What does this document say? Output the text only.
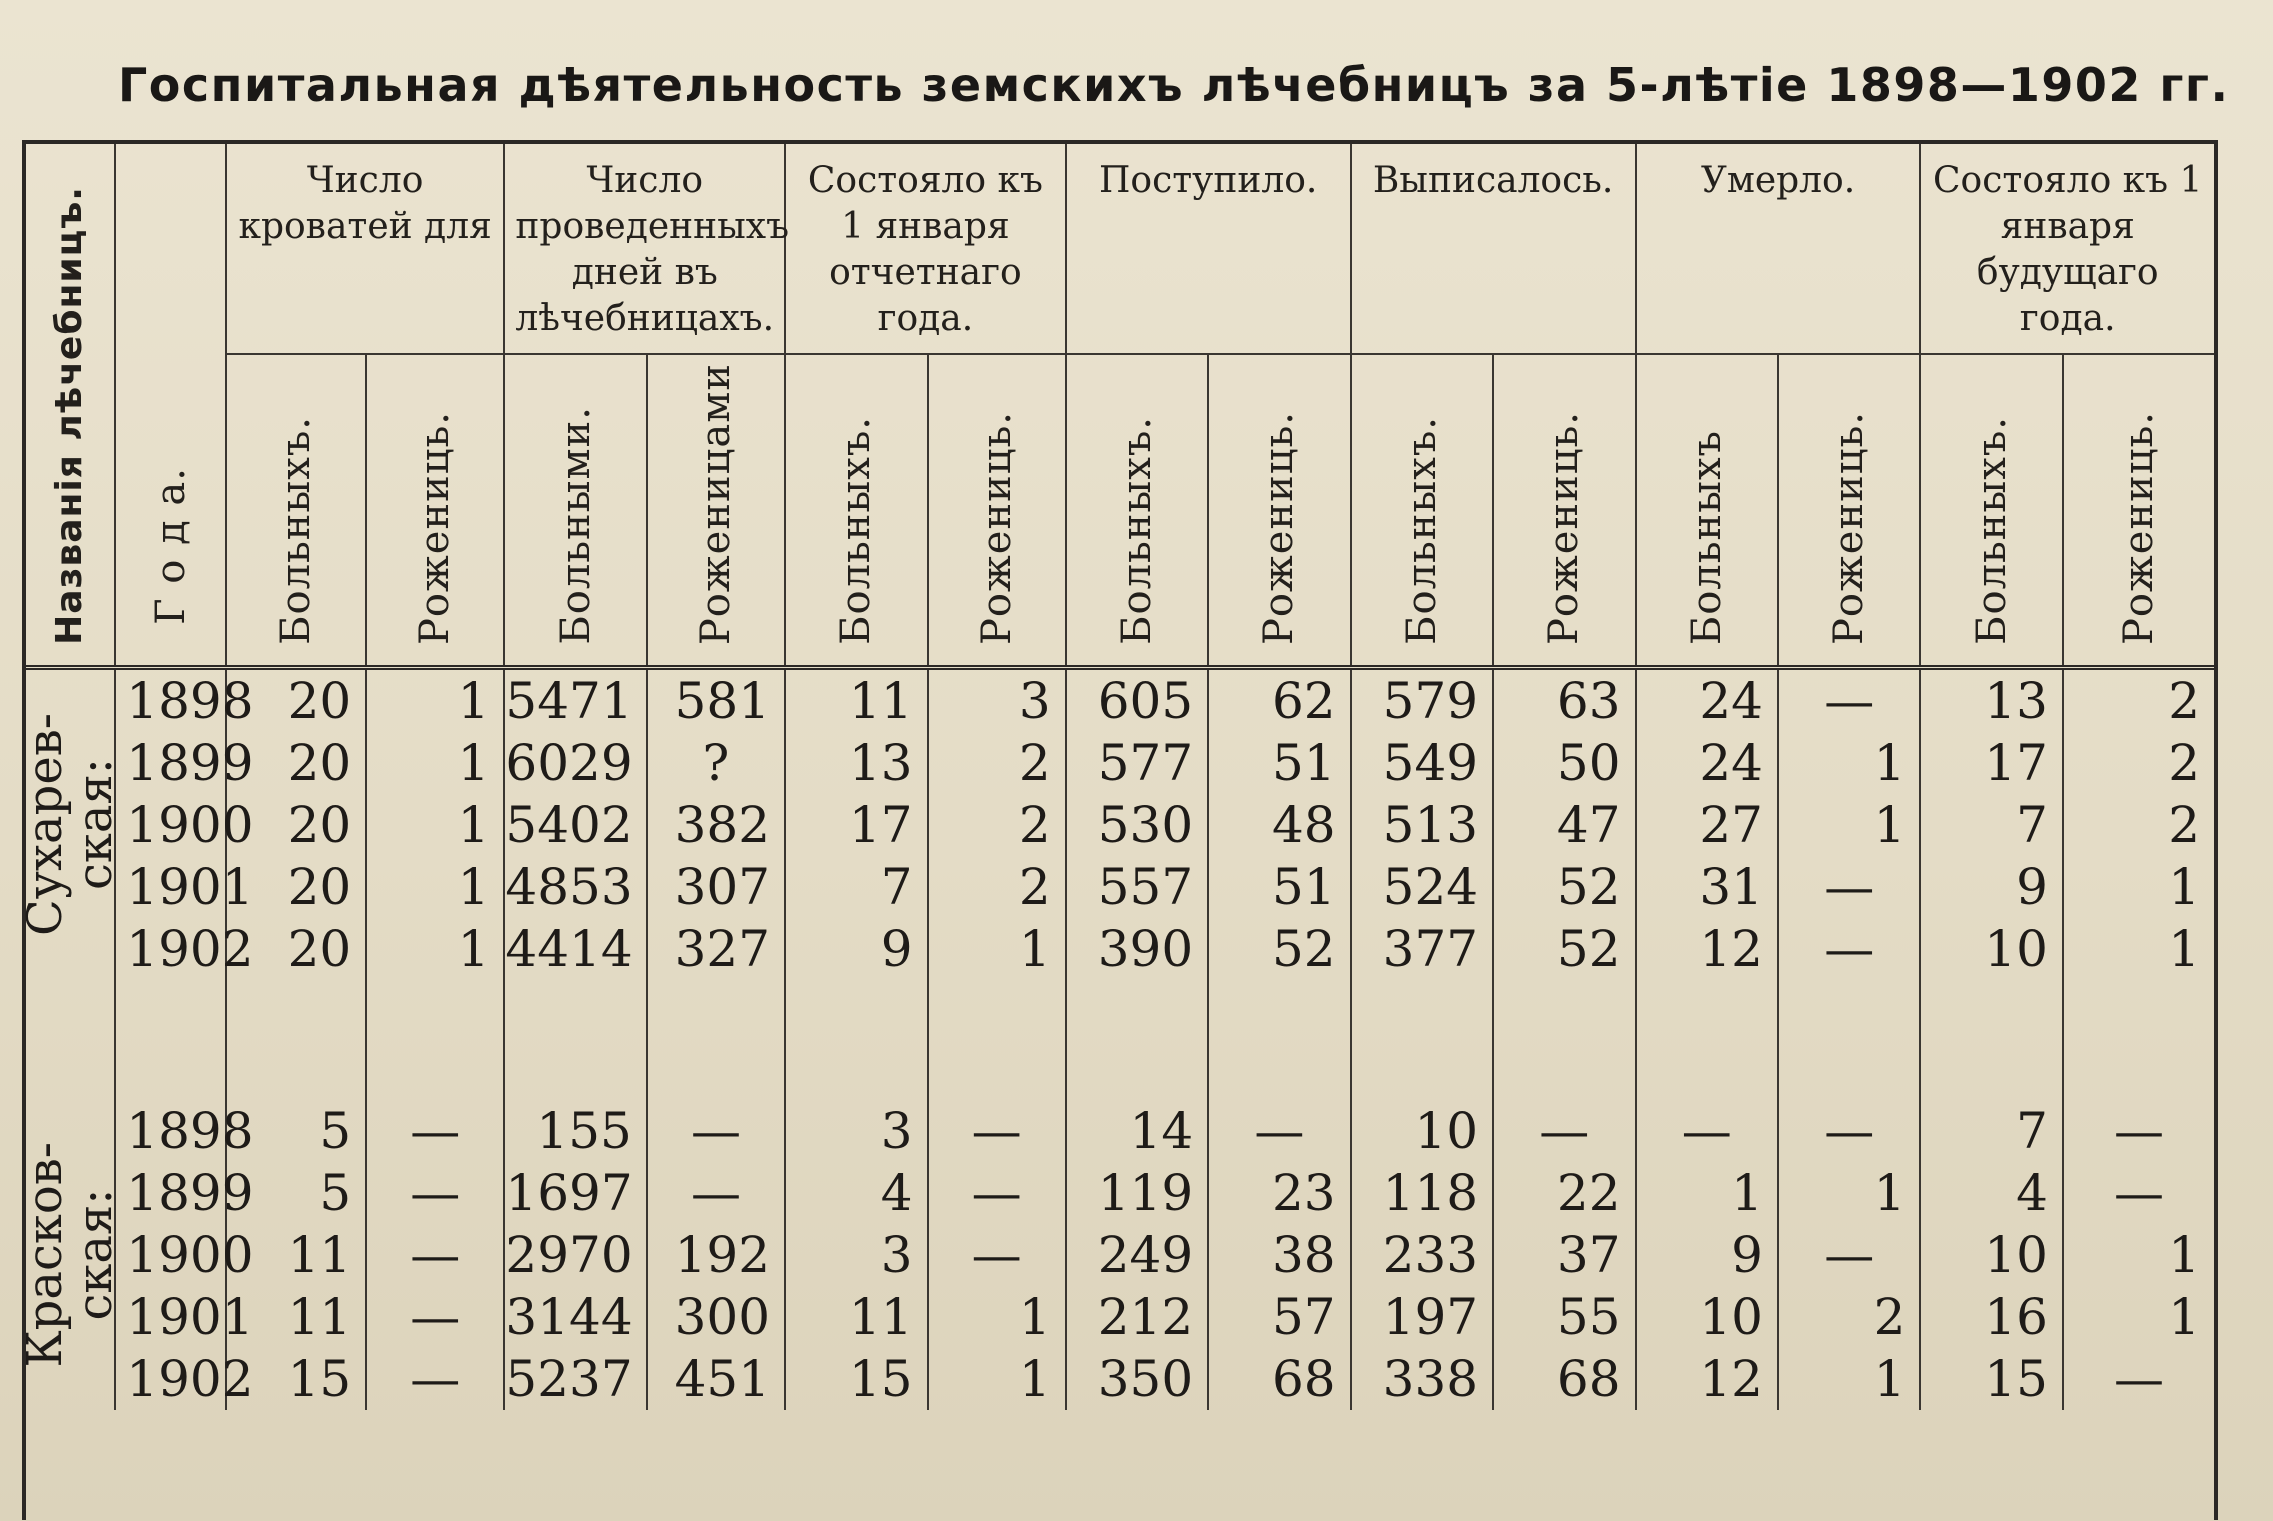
Госпитальная дѣятельность земскихъ лѣчебницъ за 5-лѣтіе 1898—1902 гг.
Названія лѣчебницъ.	Г о д а.	Число кроватей для		Число проведенныхъ дней въ лѣчебницахъ.		Состояло къ 1 января отчетнаго года.		Поступило.		Выписалось.		Умерло.		Состояло къ 1 января будущаго года.	

		Больныхъ.	Рожениць.	Больными.	Роженицами	Больныхъ.	Рожениць.	Больныхъ.	Рожениць.	Больныхъ.	Рожениць.	Больныхъ	Рожениць.	Больныхъ.	Рожениць.

Сухарев-
ская:	1898	20	1	5471	581	11	3	605	62	579	63	24	—	13	2
	1899	20	1	6029	?	13	2	577	51	549	50	24	1	17	2
	1900	20	1	5402	382	17	2	530	48	513	47	27	1	7	2
	1901	20	1	4853	307	7	2	557	51	524	52	31	—	9	1
	1902	20	1	4414	327	9	1	390	52	377	52	12	—	10	1

Красков-
ская:	1898	5	—	155	—	3	—	14	—	10	—	—	—	7	—
	1899	5	—	1697	—	4	—	119	23	118	22	1	1	4	—
	1900	11	—	2970	192	3	—	249	38	233	37	9	—	10	1
	1901	11	—	3144	300	11	1	212	57	197	55	10	2	16	1
	1902	15	—	5237	451	15	1	350	68	338	68	12	1	15	—
